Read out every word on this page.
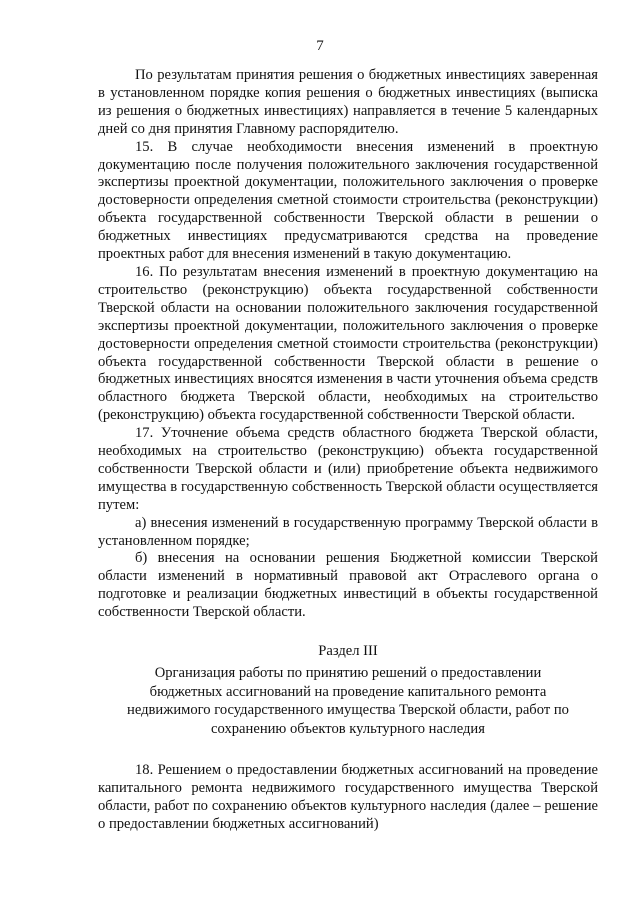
7

По результатам принятия решения о бюджетных инвестициях заверенная в установленном порядке копия решения о бюджетных инвестициях (выписка из решения о бюджетных инвестициях) направляется в течение 5 календарных дней со дня принятия Главному распорядителю.

15. В случае необходимости внесения изменений в проектную документацию после получения положительного заключения государственной экспертизы проектной документации, положительного заключения о проверке достоверности определения сметной стоимости строительства (реконструкции) объекта государственной собственности Тверской области в решении о бюджетных инвестициях предусматриваются средства на проведение проектных работ для внесения изменений в такую документацию.

16. По результатам внесения изменений в проектную документацию на строительство (реконструкцию) объекта государственной собственности Тверской области на основании положительного заключения государственной экспертизы проектной документации, положительного заключения о проверке достоверности определения сметной стоимости строительства (реконструкции) объекта государственной собственности Тверской области в решение о бюджетных инвестициях вносятся изменения в части уточнения объема средств областного бюджета Тверской области, необходимых на строительство (реконструкцию) объекта государственной собственности Тверской области.

17. Уточнение объема средств областного бюджета Тверской области, необходимых на строительство (реконструкцию) объекта государственной собственности Тверской области и (или) приобретение объекта недвижимого имущества в государственную собственность Тверской области осуществляется путем:

а) внесения изменений в государственную программу Тверской области в установленном порядке;

б) внесения на основании решения Бюджетной комиссии Тверской области изменений в нормативный правовой акт Отраслевого органа о подготовке и реализации бюджетных инвестиций в объекты государственной собственности Тверской области.

Раздел III

Организация работы по принятию решений о предоставлении бюджетных ассигнований на проведение капитального ремонта недвижимого государственного имущества Тверской области, работ по сохранению объектов культурного наследия

18. Решением о предоставлении бюджетных ассигнований на проведение капитального ремонта недвижимого государственного имущества Тверской области, работ по сохранению объектов культурного наследия (далее – решение о предоставлении бюджетных ассигнований)
